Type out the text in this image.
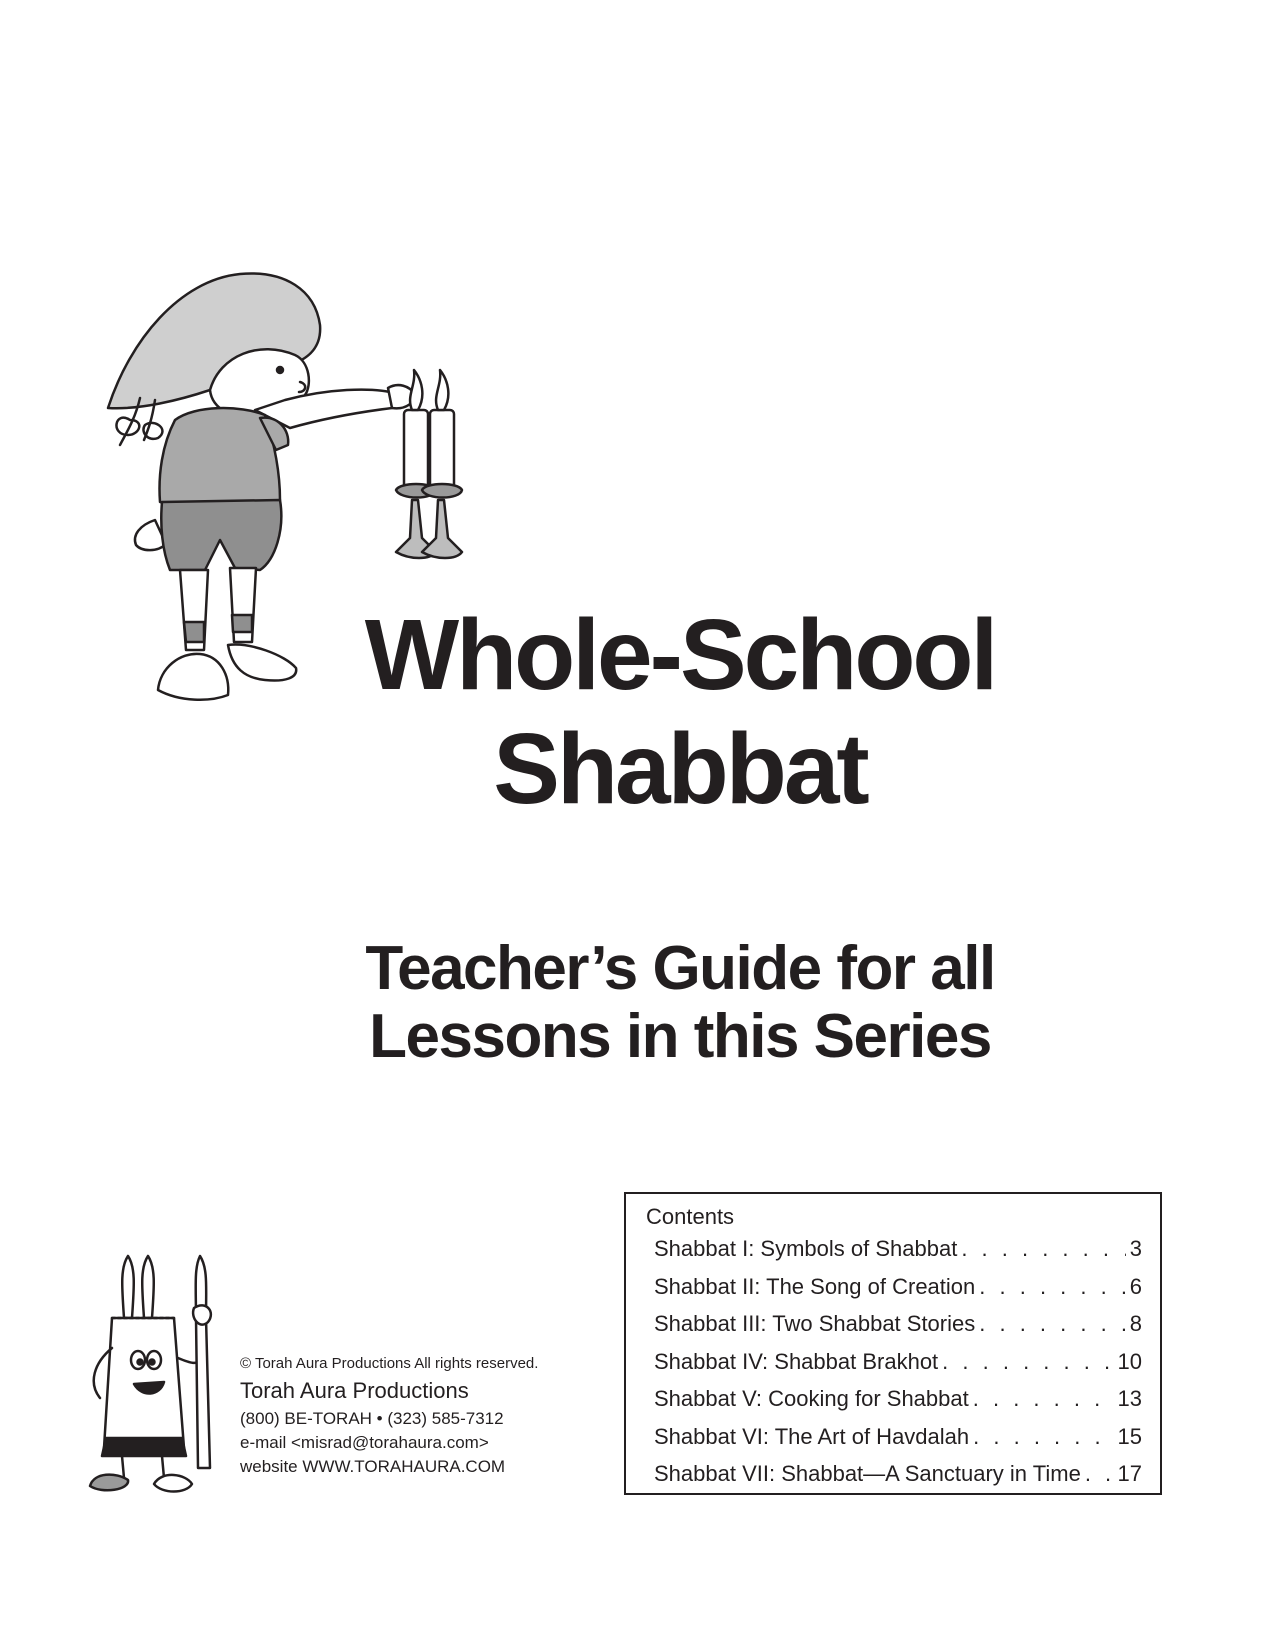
Whole-School
Shabbat
Teacher’s Guide for all
Lessons in this Series
© Torah Aura Productions All rights reserved.
Torah Aura Productions
(800) BE-TORAH • (323) 585-7312
e-mail <misrad@torahaura.com>
website WWW.TORAHAURA.COM
Contents
Shabbat I: Symbols of Shabbat . . .	3
Shabbat II: The Song of Creation . . .	6
Shabbat III: Two Shabbat Stories . . .	8
Shabbat IV: Shabbat Brakhot . . .	10
Shabbat V: Cooking for Shabbat . . .	13
Shabbat VI: The Art of Havdalah . . .	15
Shabbat VII: Shabbat—A Sanctuary in Time . . . 17
